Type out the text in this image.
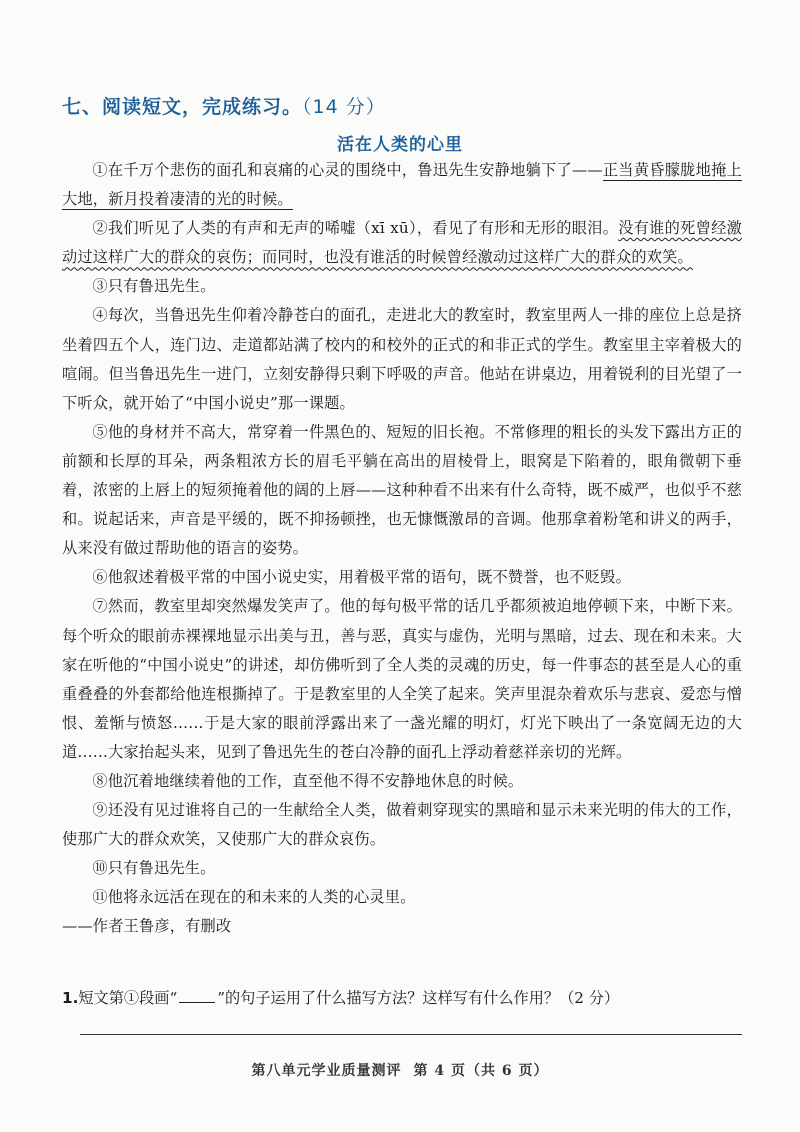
七、阅读短文，完成练习。（14 分）
活在人类的心里

①在千万个悲伤的面孔和哀痛的心灵的围绕中，鲁迅先生安静地躺下了——正当黄昏朦胧地掩上大地，新月投着凄清的光的时候。

②我们听见了人类的有声和无声的唏嘘（xī xū），看见了有形和无形的眼泪。没有谁的死曾经激动过这样广大的群众的哀伤；而同时，也没有谁活的时候曾经激动过这样广大的群众的欢笑。

③只有鲁迅先生。

④每次，当鲁迅先生仰着冷静苍白的面孔，走进北大的教室时，教室里两人一排的座位上总是挤坐着四五个人，连门边、走道都站满了校内的和校外的正式的和非正式的学生。教室里主宰着极大的喧闹。但当鲁迅先生一进门，立刻安静得只剩下呼吸的声音。他站在讲桌边，用着锐利的目光望了一下听众，就开始了“中国小说史”那一课题。

⑤他的身材并不高大，常穿着一件黑色的、短短的旧长袍。不常修理的粗长的头发下露出方正的前额和长厚的耳朵，两条粗浓方长的眉毛平躺在高出的眉棱骨上，眼窝是下陷着的，眼角微朝下垂着，浓密的上唇上的短须掩着他的阔的上唇——这种种看不出来有什么奇特，既不威严，也似乎不慈和。说起话来，声音是平缓的，既不抑扬顿挫，也无慷慨激昂的音调。他那拿着粉笔和讲义的两手，从来没有做过帮助他的语言的姿势。

⑥他叙述着极平常的中国小说史实，用着极平常的语句，既不赞誉，也不贬毁。

⑦然而，教室里却突然爆发笑声了。他的每句极平常的话几乎都须被迫地停顿下来，中断下来。每个听众的眼前赤裸裸地显示出美与丑，善与恶，真实与虚伪，光明与黑暗，过去、现在和未来。大家在听他的“中国小说史”的讲述，却仿佛听到了全人类的灵魂的历史，每一件事态的甚至是人心的重重叠叠的外套都给他连根撕掉了。于是教室里的人全笑了起来。笑声里混杂着欢乐与悲哀、爱恋与憎恨、羞惭与愤怒……于是大家的眼前浮露出来了一盏光耀的明灯，灯光下映出了一条宽阔无边的大道……大家抬起头来，见到了鲁迅先生的苍白冷静的面孔上浮动着慈祥亲切的光辉。

⑧他沉着地继续着他的工作，直至他不得不安静地休息的时候。

⑨还没有见过谁将自己的一生献给全人类，做着刺穿现实的黑暗和显示未来光明的伟大的工作，使那广大的群众欢笑，又使那广大的群众哀伤。

⑩只有鲁迅先生。

⑪他将永远活在现在的和未来的人类的心灵里。

——作者王鲁彦，有删改

1.短文第①段画“	”的句子运用了什么描写方法？这样写有什么作用？（2 分）
第八单元学业质量测评 第 4 页（共 6 页）
